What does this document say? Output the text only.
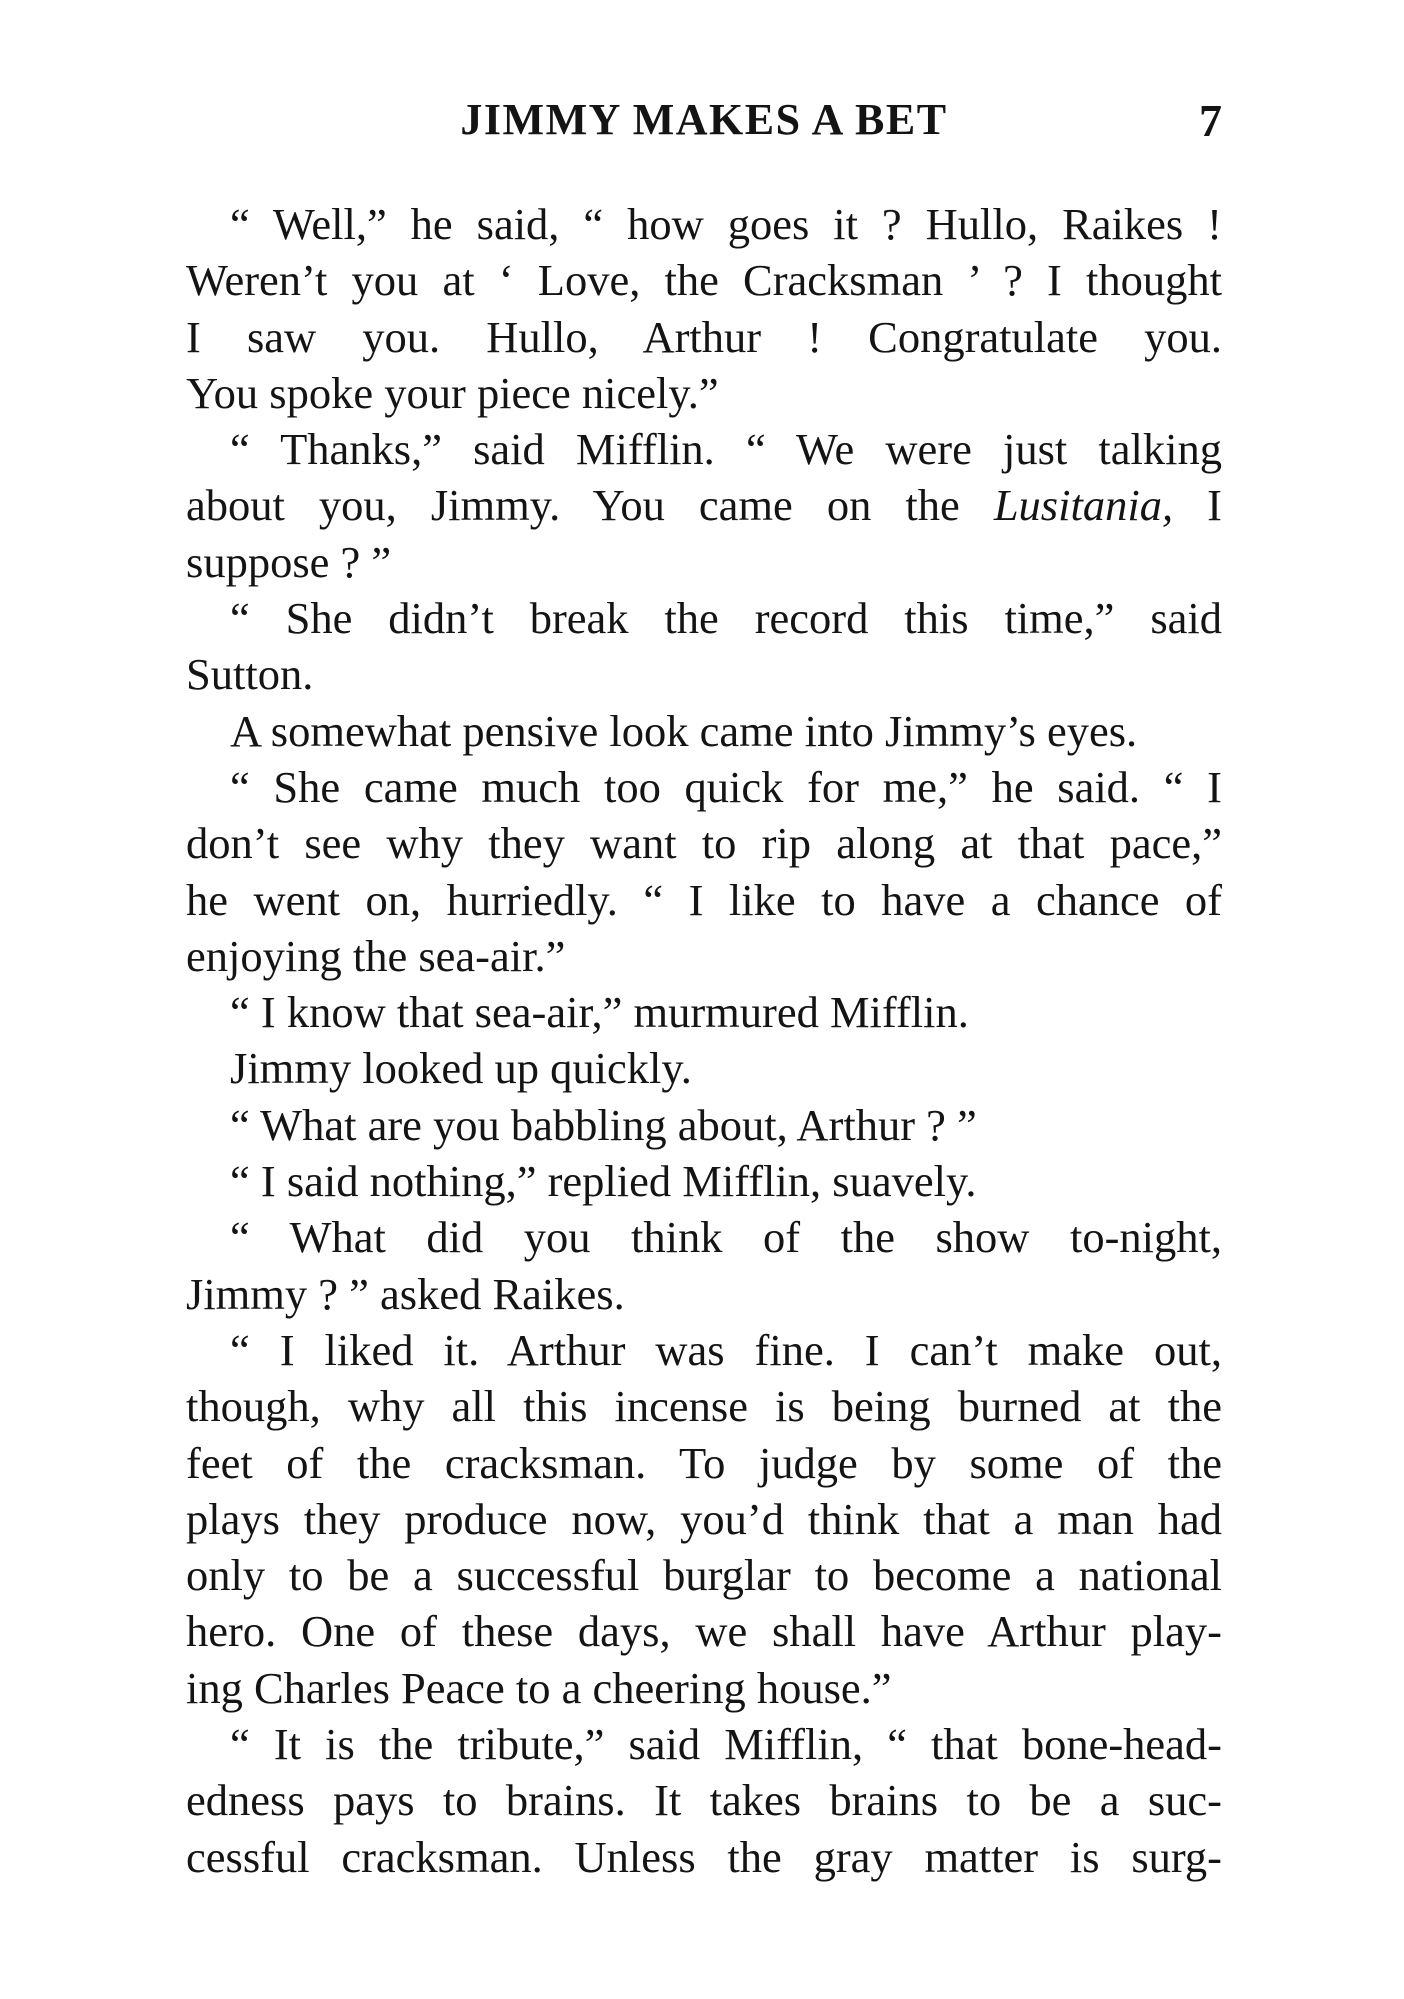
JIMMY MAKES A BET	7
“ Well,” he said, “ how goes it ? Hullo, Raikes !
Weren’t you at ‘ Love, the Cracksman ’ ? I thought
I saw you. Hullo, Arthur ! Congratulate you.
You spoke your piece nicely.”
“ Thanks,” said Mifflin. “ We were just talking
about you, Jimmy. You came on the Lusitania, I
suppose ? ”
“ She didn’t break the record this time,” said
Sutton.
A somewhat pensive look came into Jimmy’s eyes.
“ She came much too quick for me,” he said. “ I
don’t see why they want to rip along at that pace,”
he went on, hurriedly. “ I like to have a chance of
enjoying the sea-air.”
“ I know that sea-air,” murmured Mifflin.
Jimmy looked up quickly.
“ What are you babbling about, Arthur ? ”
“ I said nothing,” replied Mifflin, suavely.
“ What did you think of the show to-night,
Jimmy ? ” asked Raikes.
“ I liked it. Arthur was fine. I can’t make out,
though, why all this incense is being burned at the
feet of the cracksman. To judge by some of the
plays they produce now, you’d think that a man had
only to be a successful burglar to become a national
hero. One of these days, we shall have Arthur play-
ing Charles Peace to a cheering house.”
“ It is the tribute,” said Mifflin, “ that bone-head-
edness pays to brains. It takes brains to be a suc-
cessful cracksman. Unless the gray matter is surg-
